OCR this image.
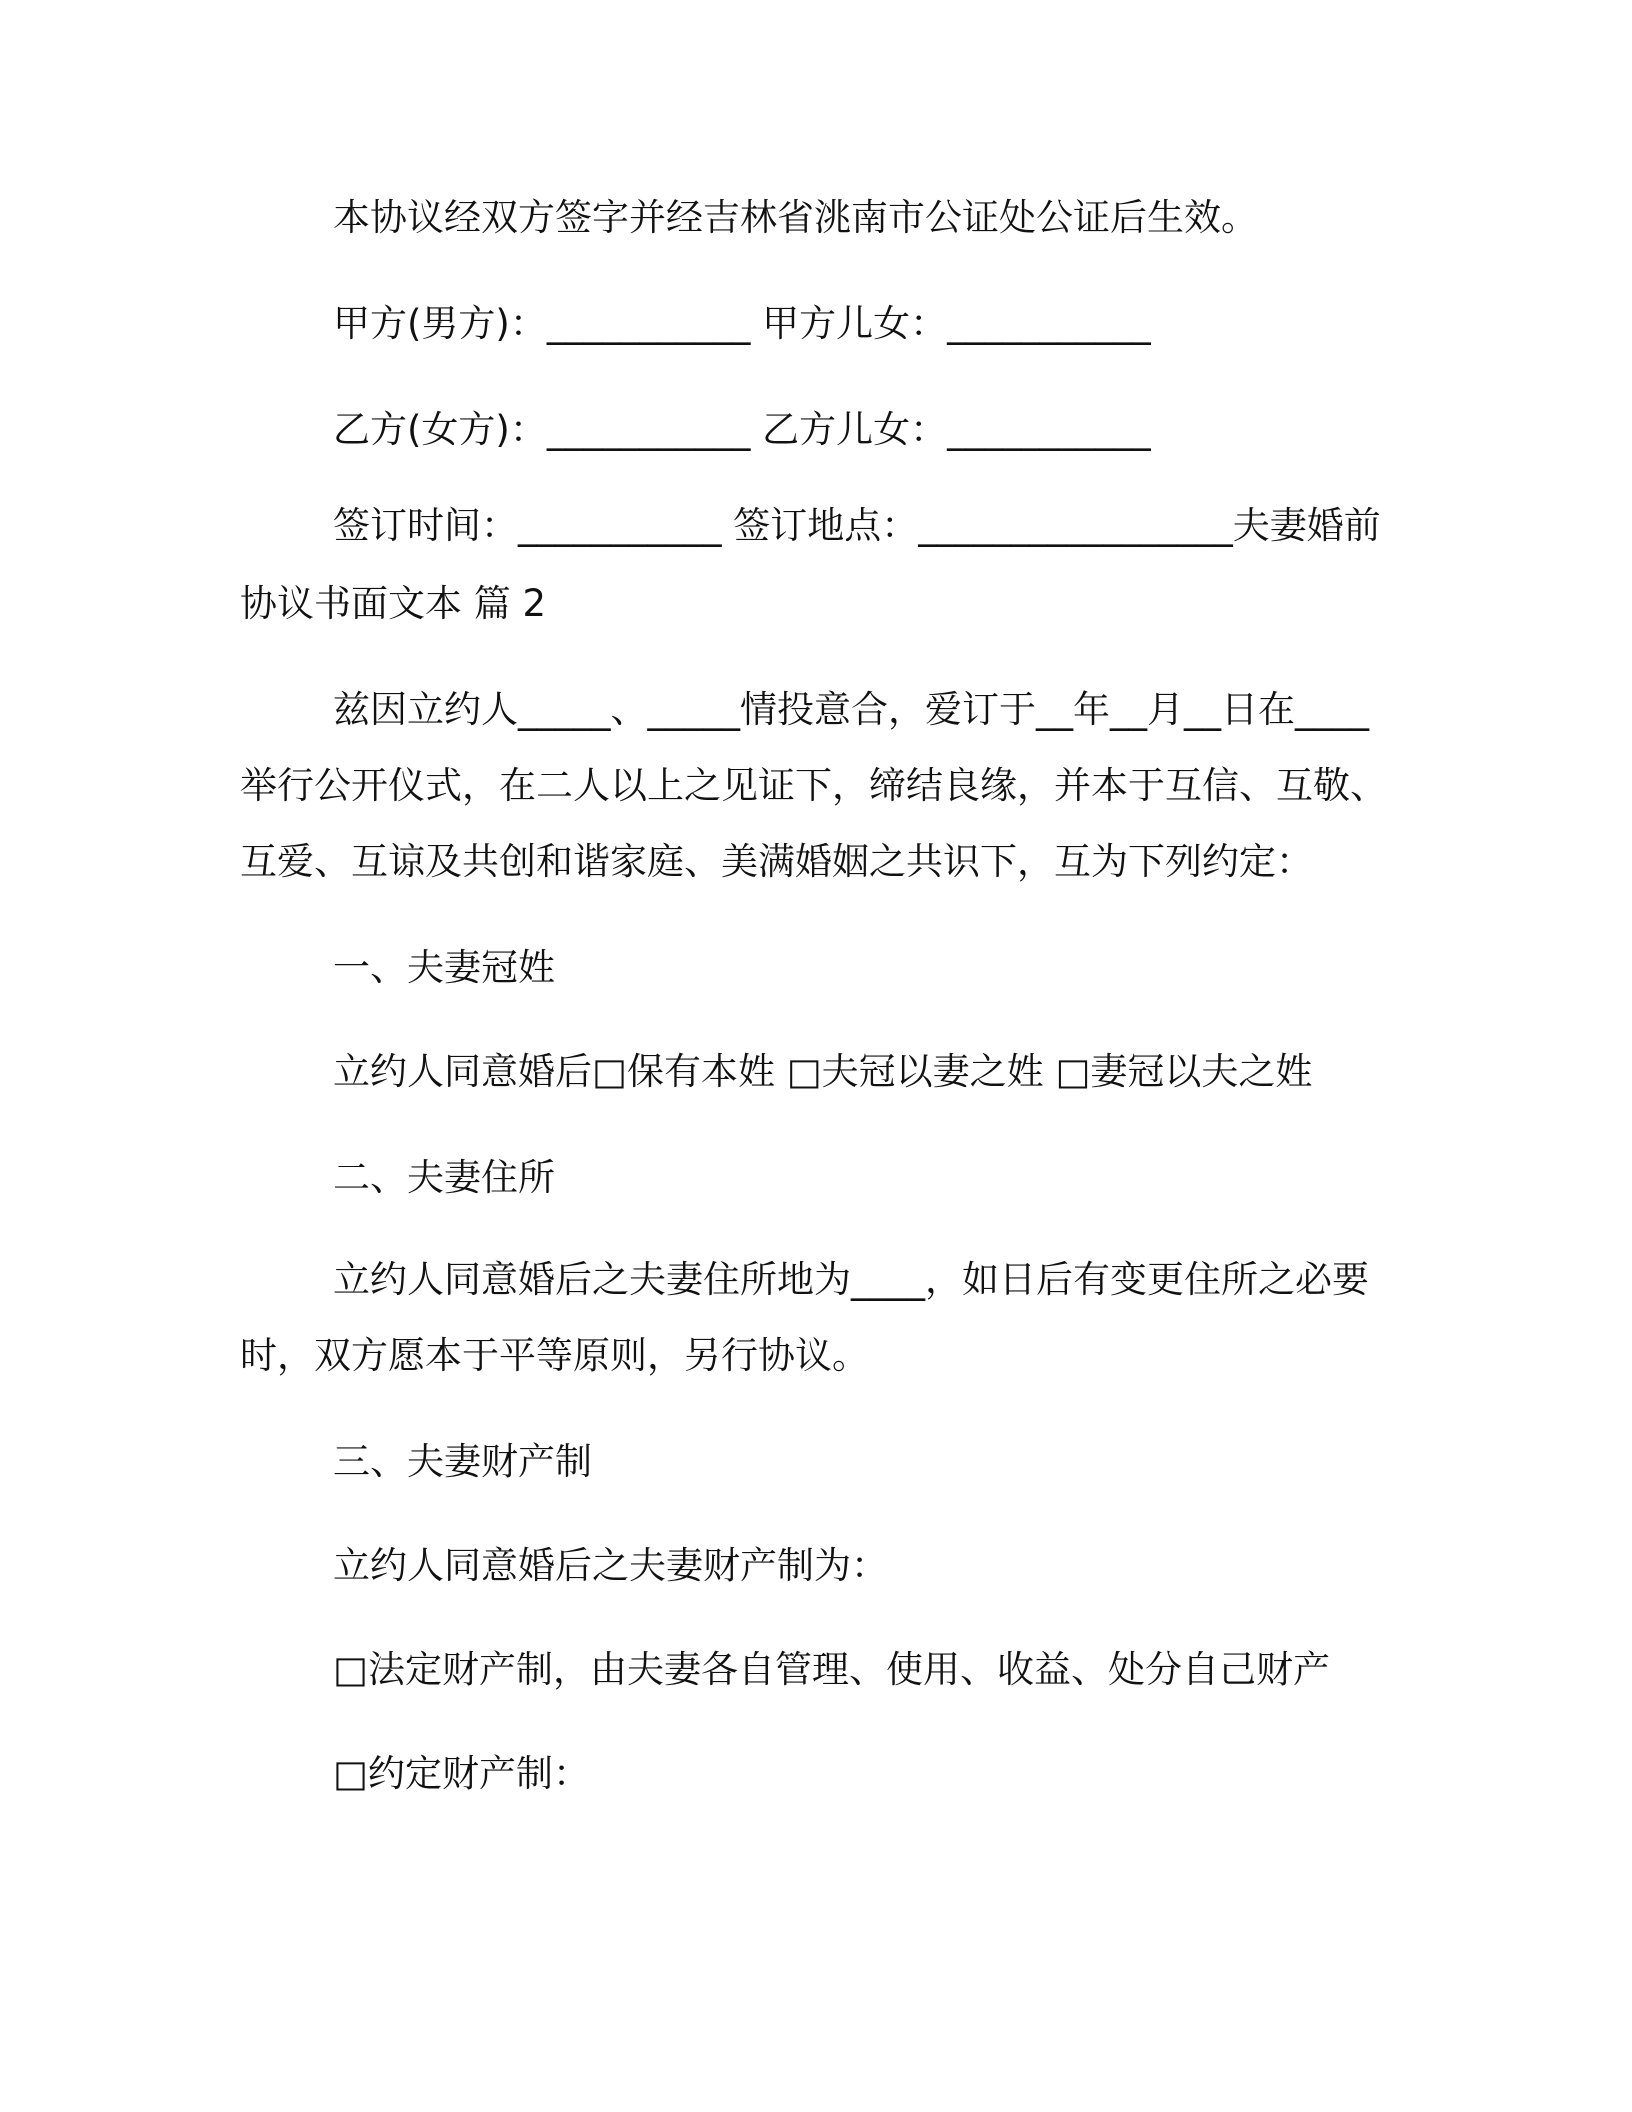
本协议经双方签字并经吉林省洮南市公证处公证后生效。
甲方(男方)：___________ 甲方儿女：___________
乙方(女方)：___________ 乙方儿女：___________
签订时间：___________ 签订地点：_________________夫妻婚前
协议书面文本 篇 2
兹因立约人_____、_____情投意合，爱订于__年__月__日在____
举行公开仪式，在二人以上之见证下，缔结良缘，并本于互信、互敬、
互爱、互谅及共创和谐家庭、美满婚姻之共识下，互为下列约定：
一、夫妻冠姓
立约人同意婚后□保有本姓 □夫冠以妻之姓 □妻冠以夫之姓
二、夫妻住所
立约人同意婚后之夫妻住所地为____，如日后有变更住所之必要
时，双方愿本于平等原则，另行协议。
三、夫妻财产制
立约人同意婚后之夫妻财产制为：
□法定财产制，由夫妻各自管理、使用、收益、处分自己财产
□约定财产制：
